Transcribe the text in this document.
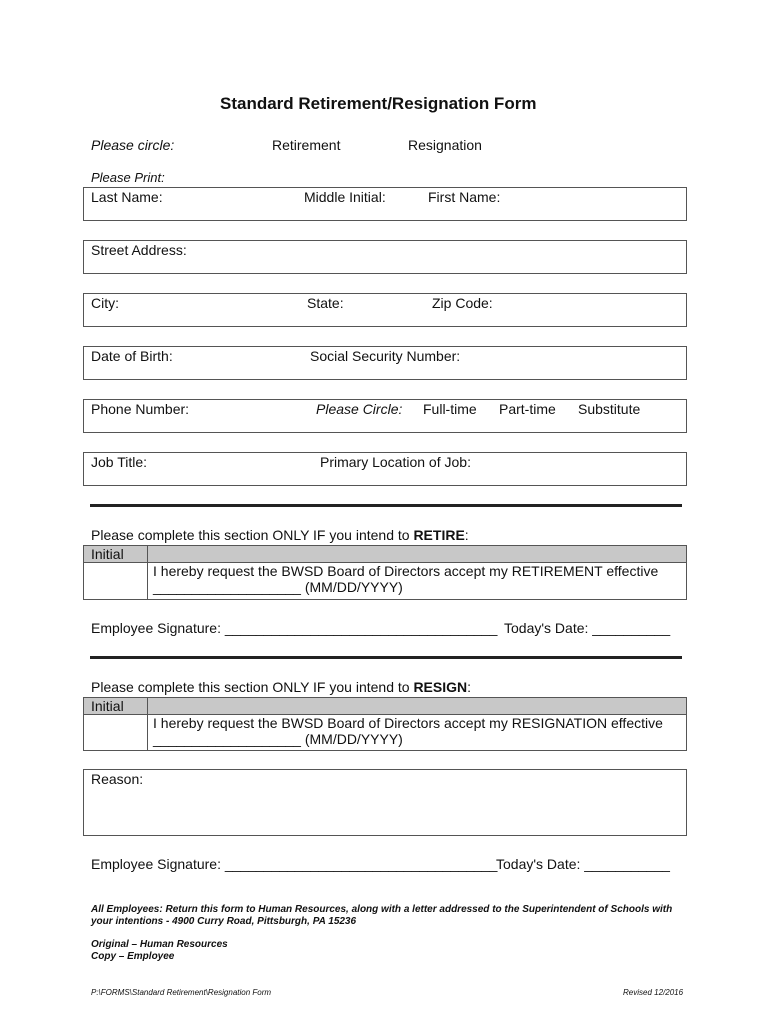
Standard Retirement/Resignation Form
Please circle:	Retirement	Resignation
Please Print:
Last Name:	Middle Initial:	First Name:
Street Address:
City:	State:	Zip Code:
Date of Birth:	Social Security Number:
Phone Number:	Please Circle: Full-time Part-time Substitute
Job Title:	Primary Location of Job:
Please complete this section ONLY IF you intend to RETIRE:
Initial
I hereby request the BWSD Board of Directors accept my RETIREMENT effective
___________________ (MM/DD/YYYY)
Employee Signature: ___________________________________ Today's Date: __________
Please complete this section ONLY IF you intend to RESIGN:
Initial
I hereby request the BWSD Board of Directors accept my RESIGNATION effective
___________________ (MM/DD/YYYY)
Reason:
Employee Signature: ___________________________________
Today's Date: ___________
All Employees: Return this form to Human Resources, along with a letter addressed to the Superintendent of Schools with
your intentions - 4900 Curry Road, Pittsburgh, PA 15236
Original – Human Resources
Copy – Employee
P:\FORMS\Standard Retirement\Resignation Form	Revised 12/2016
